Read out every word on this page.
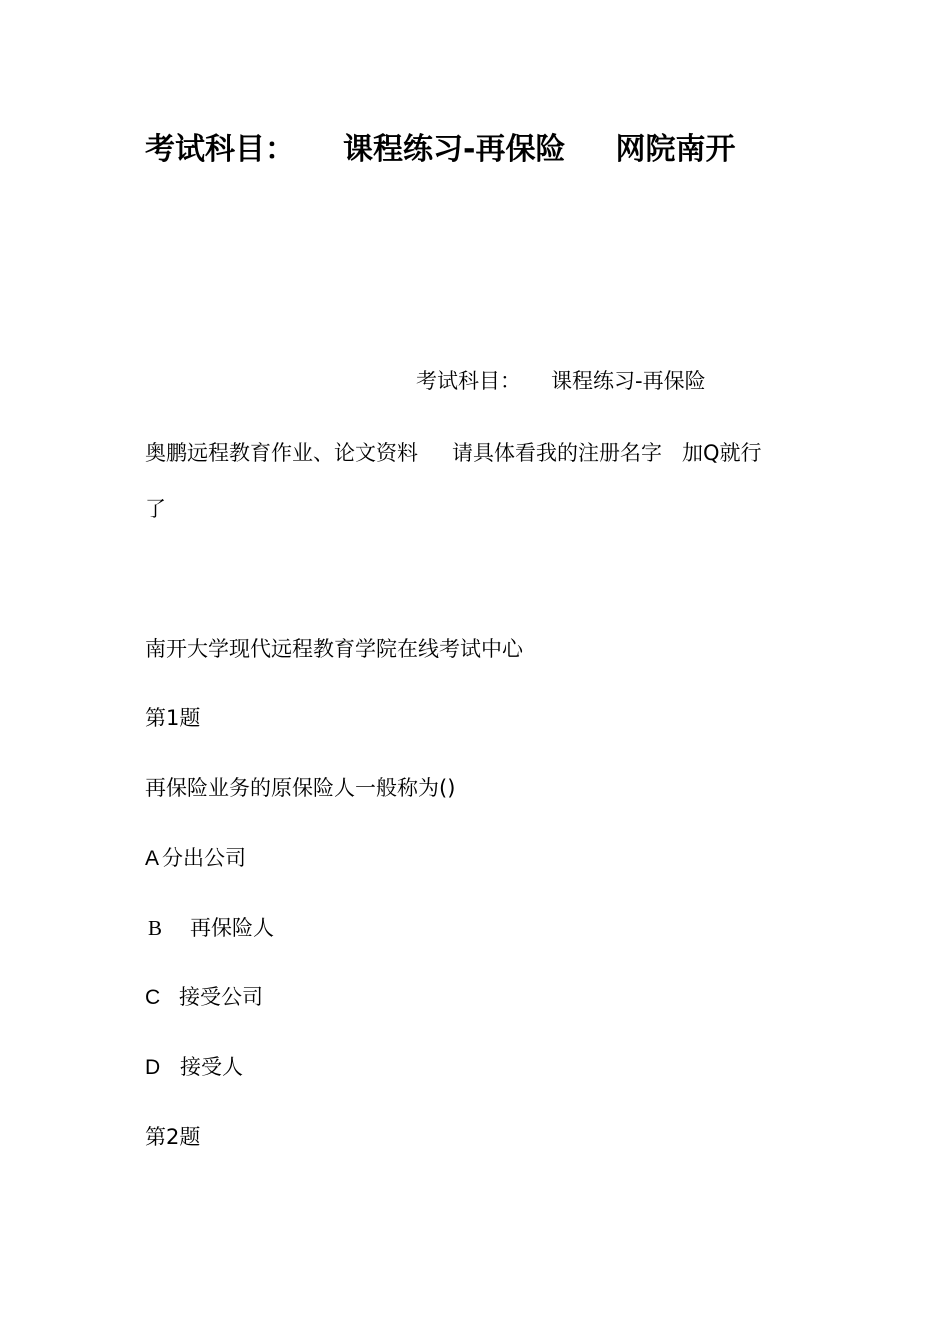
考试科目： 课程练习-再保险 网院南开
考试科目： 课程练习-再保险
奥鹏远程教育作业、论文资料 请具体看我的注册名字 加Q就行
了
南开大学现代远程教育学院在线考试中心
第1题
再保险业务的原保险人一般称为()
A 分出公司
B 再保险人
C 接受公司
D 接受人
第2题
